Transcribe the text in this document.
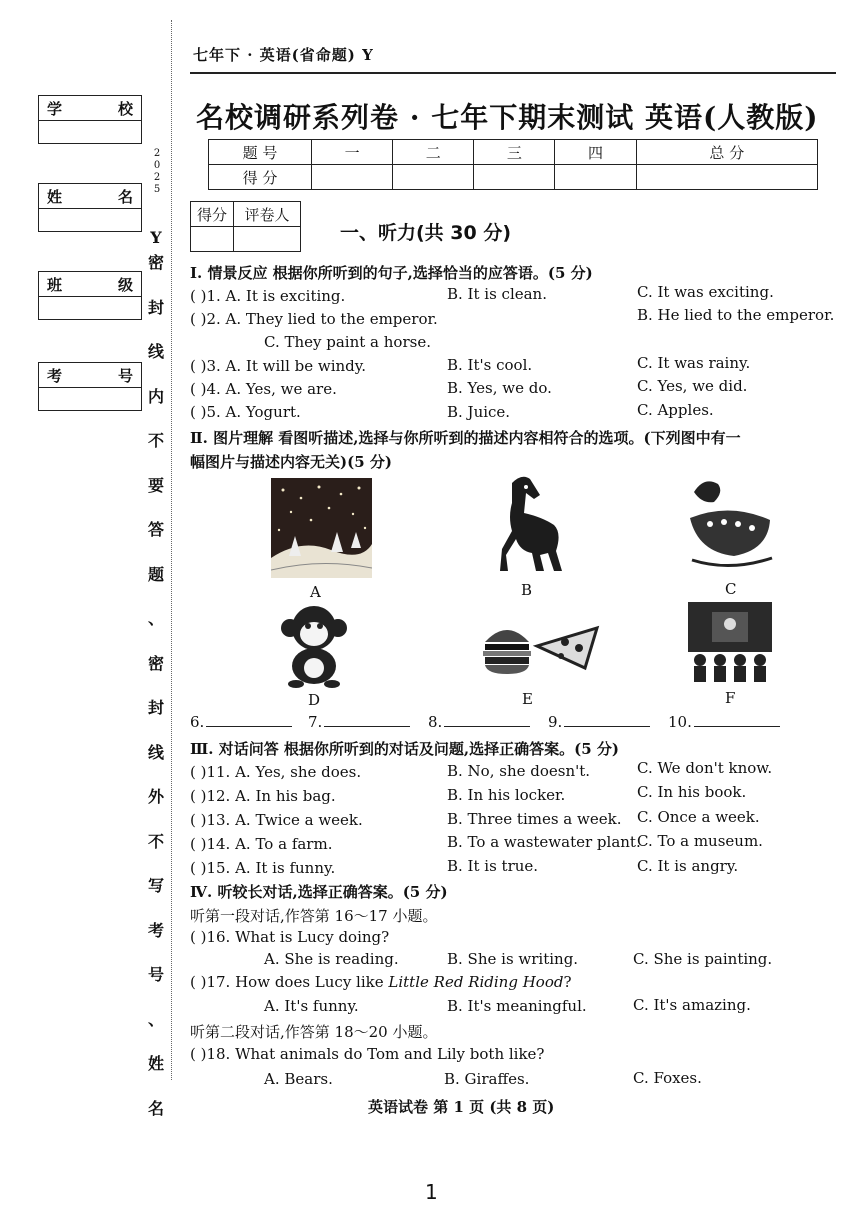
七年下 · 英语(省命题) Y
名校调研系列卷 · 七年下期末测试 英语(人教版)
题 号	一	二	三	四	总 分
得 分					
学	校
姓	名
班	级
考	号
2
0
2
5
Y
密
封
线
内
不
要
答
题
、
密
封
线
外
不
写
考
号
、
姓
名
得分	评卷人

一、听力(共 30 分)
Ⅰ. 情景反应 根据你所听到的句子,选择恰当的应答语。(5 分)
( )1. A. It is exciting.	B. It is clean.	C. It was exciting.
( )2. A. They lied to the emperor.	B. He lied to the emperor.
C. They paint a horse.
( )3. A. It will be windy.	B. It's cool.	C. It was rainy.
( )4. A. Yes, we are.	B. Yes, we do.	C. Yes, we did.
( )5. A. Yogurt.	B. Juice.	C. Apples.
Ⅱ. 图片理解 看图听描述,选择与你所听到的描述内容相符合的选项。(下列图中有一
幅图片与描述内容无关)(5 分)
A	B	C
D	E	F
6.	7.	8.	9.	10.
Ⅲ. 对话问答 根据你所听到的对话及问题,选择正确答案。(5 分)
( )11. A. Yes, she does.	B. No, she doesn't.	C. We don't know.
( )12. A. In his bag.	B. In his locker.	C. In his book.
( )13. A. Twice a week.	B. Three times a week. C. Once a week.
( )14. A. To a farm.	B. To a wastewater plant.
C. To a museum.
( )15. A. It is funny.	B. It is true.	C. It is angry.
Ⅳ. 听较长对话,选择正确答案。(5 分)
听第一段对话,作答第 16～17 小题。
( )16. What is Lucy doing?
A. She is reading.	B. She is writing.	C. She is painting.
( )17. How does Lucy like Little Red Riding Hood?
A. It's funny.	B. It's meaningful.	C. It's amazing.
听第二段对话,作答第 18～20 小题。
( )18. What animals do Tom and Lily both like?
A. Bears.	B. Giraffes.	C. Foxes.
英语试卷 第 1 页 (共 8 页)
1
